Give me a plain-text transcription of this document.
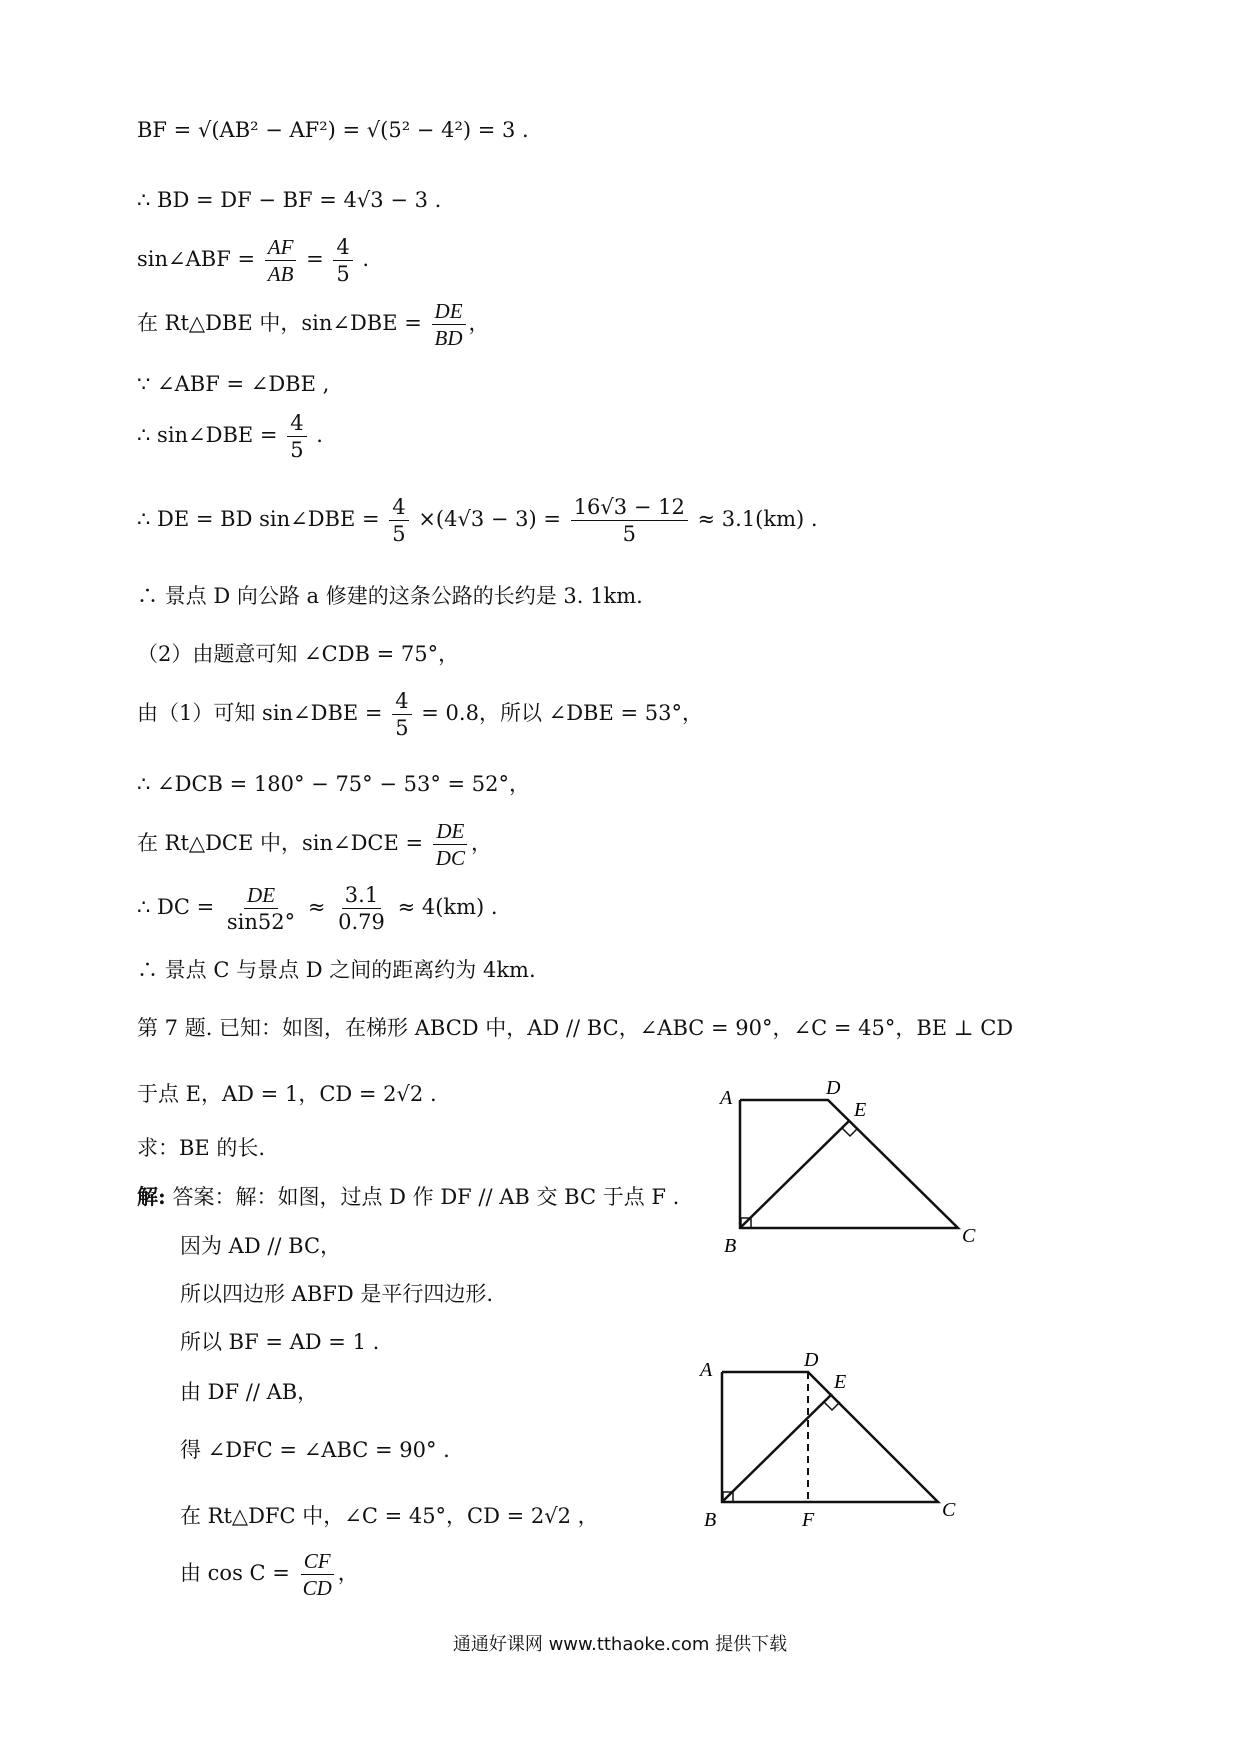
BF = √(AB² − AF²) = √(5² − 4²) = 3 .
∴ BD = DF − BF = 4√3 − 3 .
sin∠ABF = $\frac{AF}{AB} = \frac{4}{5}$ .
在 Rt△DBE 中，sin∠DBE = $\frac{DE}{BD}$ ，
∵ ∠ABF = ∠DBE ,
∴ sin∠DBE = $\frac{4}{5}$ .
∴ DE = BD sin∠DBE = $\frac{4}{5} \times(4√3 - 3) = \frac{16√3 - 12}{5} \approx 3.1(km)$ .
∴ 景点 D 向公路 a 修建的这条公路的长约是 3. 1km.
（2）由题意可知 ∠CDB = 75°，
由（1）可知 sin∠DBE = $\frac{4}{5} = 0.8$，所以 ∠DBE = 53°，
∴ ∠DCB = 180° − 75° − 53° = 52°，
在 Rt△DCE 中，sin∠DCE = $\frac{DE}{DC}$ ，
∴ DC = $\frac{DE}{\sin 52^\circ} \approx \frac{3.1}{0.79} \approx 4(km)$ .
∴ 景点 C 与景点 D 之间的距离约为 4km.
第 7 题. 已知：如图，在梯形 ABCD 中，AD // BC，∠ABC = 90°，∠C = 45°，BE ⊥ CD
于点 E，AD = 1，CD = 2√2 .
求：BE 的长.
解: 答案：解：如图，过点 D 作 DF // AB 交 BC 于点 F .
因为 AD // BC，
所以四边形 ABFD 是平行四边形.
所以 BF = AD = 1 .
由 DF // AB，
得 ∠DFC = ∠ABC = 90° .
在 Rt△DFC 中，∠C = 45°，CD = 2√2 ，
由 $\cos C = \frac{CF}{CD}$ ，
A	D
E
B	C
A	D
E
B	F	C
通通好课网 www.tthaoke.com 提供下载
